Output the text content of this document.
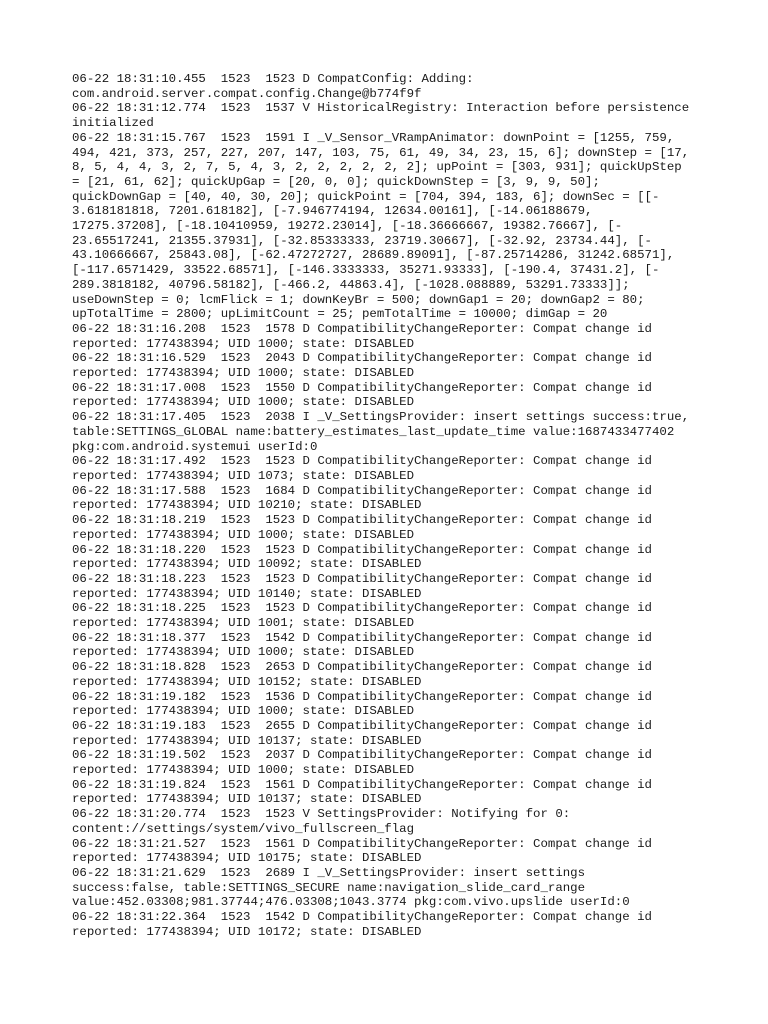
06-22 18:31:10.455  1523  1523 D CompatConfig: Adding:

com.android.server.compat.config.Change@b774f9f

06-22 18:31:12.774  1523  1537 V HistoricalRegistry: Interaction before persistence

initialized

06-22 18:31:15.767  1523  1591 I _V_Sensor_VRampAnimator: downPoint = [1255, 759,

494, 421, 373, 257, 227, 207, 147, 103, 75, 61, 49, 34, 23, 15, 6]; downStep = [17,

8, 5, 4, 4, 3, 2, 7, 5, 4, 3, 2, 2, 2, 2, 2, 2]; upPoint = [303, 931]; quickUpStep

= [21, 61, 62]; quickUpGap = [20, 0, 0]; quickDownStep = [3, 9, 9, 50];

quickDownGap = [40, 40, 30, 20]; quickPoint = [704, 394, 183, 6]; downSec = [[-

3.618181818, 7201.618182], [-7.946774194, 12634.00161], [-14.06188679,

17275.37208], [-18.10410959, 19272.23014], [-18.36666667, 19382.76667], [-

23.65517241, 21355.37931], [-32.85333333, 23719.30667], [-32.92, 23734.44], [-

43.10666667, 25843.08], [-62.47272727, 28689.89091], [-87.25714286, 31242.68571],

[-117.6571429, 33522.68571], [-146.3333333, 35271.93333], [-190.4, 37431.2], [-

289.3818182, 40796.58182], [-466.2, 44863.4], [-1028.088889, 53291.73333]];

useDownStep = 0; lcmFlick = 1; downKeyBr = 500; downGap1 = 20; downGap2 = 80;

upTotalTime = 2800; upLimitCount = 25; pemTotalTime = 10000; dimGap = 20

06-22 18:31:16.208  1523  1578 D CompatibilityChangeReporter: Compat change id

reported: 177438394; UID 1000; state: DISABLED

06-22 18:31:16.529  1523  2043 D CompatibilityChangeReporter: Compat change id

reported: 177438394; UID 1000; state: DISABLED

06-22 18:31:17.008  1523  1550 D CompatibilityChangeReporter: Compat change id

reported: 177438394; UID 1000; state: DISABLED

06-22 18:31:17.405  1523  2038 I _V_SettingsProvider: insert settings success:true,

table:SETTINGS_GLOBAL name:battery_estimates_last_update_time value:1687433477402

pkg:com.android.systemui userId:0

06-22 18:31:17.492  1523  1523 D CompatibilityChangeReporter: Compat change id

reported: 177438394; UID 1073; state: DISABLED

06-22 18:31:17.588  1523  1684 D CompatibilityChangeReporter: Compat change id

reported: 177438394; UID 10210; state: DISABLED

06-22 18:31:18.219  1523  1523 D CompatibilityChangeReporter: Compat change id

reported: 177438394; UID 1000; state: DISABLED

06-22 18:31:18.220  1523  1523 D CompatibilityChangeReporter: Compat change id

reported: 177438394; UID 10092; state: DISABLED

06-22 18:31:18.223  1523  1523 D CompatibilityChangeReporter: Compat change id

reported: 177438394; UID 10140; state: DISABLED

06-22 18:31:18.225  1523  1523 D CompatibilityChangeReporter: Compat change id

reported: 177438394; UID 1001; state: DISABLED

06-22 18:31:18.377  1523  1542 D CompatibilityChangeReporter: Compat change id

reported: 177438394; UID 1000; state: DISABLED

06-22 18:31:18.828  1523  2653 D CompatibilityChangeReporter: Compat change id

reported: 177438394; UID 10152; state: DISABLED

06-22 18:31:19.182  1523  1536 D CompatibilityChangeReporter: Compat change id

reported: 177438394; UID 1000; state: DISABLED

06-22 18:31:19.183  1523  2655 D CompatibilityChangeReporter: Compat change id

reported: 177438394; UID 10137; state: DISABLED

06-22 18:31:19.502  1523  2037 D CompatibilityChangeReporter: Compat change id

reported: 177438394; UID 1000; state: DISABLED

06-22 18:31:19.824  1523  1561 D CompatibilityChangeReporter: Compat change id

reported: 177438394; UID 10137; state: DISABLED

06-22 18:31:20.774  1523  1523 V SettingsProvider: Notifying for 0:

content://settings/system/vivo_fullscreen_flag

06-22 18:31:21.527  1523  1561 D CompatibilityChangeReporter: Compat change id

reported: 177438394; UID 10175; state: DISABLED

06-22 18:31:21.629  1523  2689 I _V_SettingsProvider: insert settings

success:false, table:SETTINGS_SECURE name:navigation_slide_card_range

value:452.03308;981.37744;476.03308;1043.3774 pkg:com.vivo.upslide userId:0

06-22 18:31:22.364  1523  1542 D CompatibilityChangeReporter: Compat change id

reported: 177438394; UID 10172; state: DISABLED
